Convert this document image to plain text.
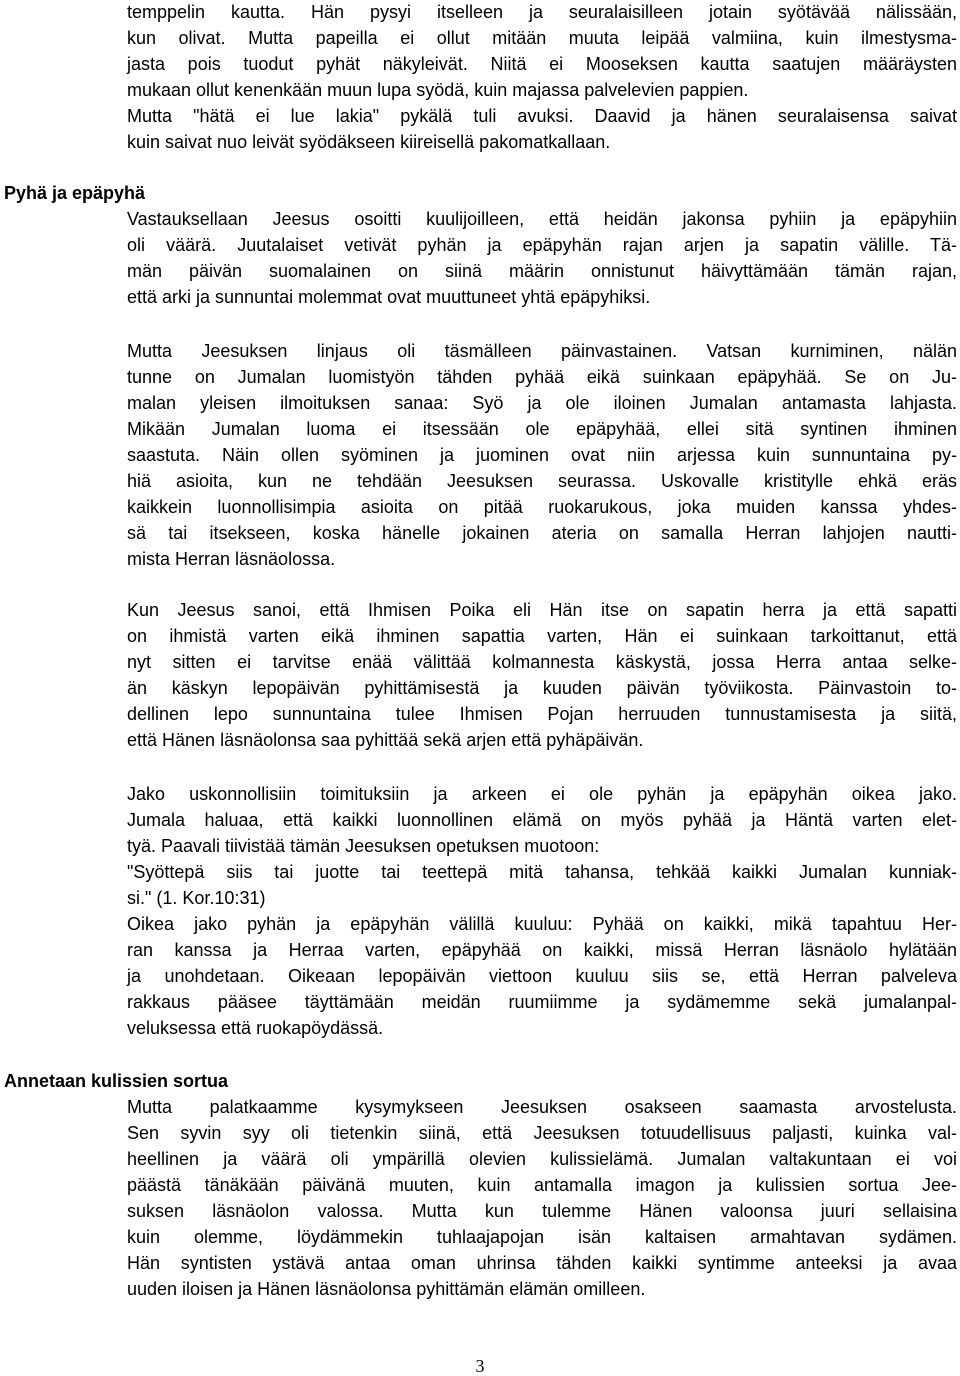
temppelin kautta. Hän pysyi itselleen ja seuralaisilleen jotain syötävää nälissään,
kun olivat. Mutta papeilla ei ollut mitään muuta leipää valmiina, kuin ilmestysma-
jasta pois tuodut pyhät näkyleivät. Niitä ei Mooseksen kautta saatujen määräysten
mukaan ollut kenenkään muun lupa syödä, kuin majassa palvelevien pappien.
Mutta "hätä ei lue lakia" pykälä tuli avuksi. Daavid ja hänen seuralaisensa saivat
kuin saivat nuo leivät syödäkseen kiireisellä pakomatkallaan.
Pyhä ja epäpyhä
Vastauksellaan Jeesus osoitti kuulijoilleen, että heidän jakonsa pyhiin ja epäpyhiin
oli väärä. Juutalaiset vetivät pyhän ja epäpyhän rajan arjen ja sapatin välille. Tä-
män päivän suomalainen on siinä määrin onnistunut häivyttämään tämän rajan,
että arki ja sunnuntai molemmat ovat muuttuneet yhtä epäpyhiksi.
Mutta Jeesuksen linjaus oli täsmälleen päinvastainen. Vatsan kurniminen, nälän
tunne on Jumalan luomistyön tähden pyhää eikä suinkaan epäpyhää. Se on Ju-
malan yleisen ilmoituksen sanaa: Syö ja ole iloinen Jumalan antamasta lahjasta.
Mikään Jumalan luoma ei itsessään ole epäpyhää, ellei sitä syntinen ihminen
saastuta. Näin ollen syöminen ja juominen ovat niin arjessa kuin sunnuntaina py-
hiä asioita, kun ne tehdään Jeesuksen seurassa. Uskovalle kristitylle ehkä eräs
kaikkein luonnollisimpia asioita on pitää ruokarukous, joka muiden kanssa yhdes-
sä tai itsekseen, koska hänelle jokainen ateria on samalla Herran lahjojen nautti-
mista Herran läsnäolossa.
Kun Jeesus sanoi, että Ihmisen Poika eli Hän itse on sapatin herra ja että sapatti
on ihmistä varten eikä ihminen sapattia varten, Hän ei suinkaan tarkoittanut, että
nyt sitten ei tarvitse enää välittää kolmannesta käskystä, jossa Herra antaa selke-
än käskyn lepopäivän pyhittämisestä ja kuuden päivän työviikosta. Päinvastoin to-
dellinen lepo sunnuntaina tulee Ihmisen Pojan herruuden tunnustamisesta ja siitä,
että Hänen läsnäolonsa saa pyhittää sekä arjen että pyhäpäivän.
Jako uskonnollisiin toimituksiin ja arkeen ei ole pyhän ja epäpyhän oikea jako.
Jumala haluaa, että kaikki luonnollinen elämä on myös pyhää ja Häntä varten elet-
tyä. Paavali tiivistää tämän Jeesuksen opetuksen muotoon:
"Syöttepä siis tai juotte tai teettepä mitä tahansa, tehkää kaikki Jumalan kunniak-
si." (1. Kor.10:31)
Oikea jako pyhän ja epäpyhän välillä kuuluu: Pyhää on kaikki, mikä tapahtuu Her-
ran kanssa ja Herraa varten, epäpyhää on kaikki, missä Herran läsnäolo hylätään
ja unohdetaan. Oikeaan lepopäivän viettoon kuuluu siis se, että Herran palveleva
rakkaus pääsee täyttämään meidän ruumiimme ja sydämemme sekä jumalanpal-
veluksessa että ruokapöydässä.
Annetaan kulissien sortua
Mutta palatkaamme kysymykseen Jeesuksen osakseen saamasta arvostelusta.
Sen syvin syy oli tietenkin siinä, että Jeesuksen totuudellisuus paljasti, kuinka val-
heellinen ja väärä oli ympärillä olevien kulissielämä. Jumalan valtakuntaan ei voi
päästä tänäkään päivänä muuten, kuin antamalla imagon ja kulissien sortua Jee-
suksen läsnäolon valossa. Mutta kun tulemme Hänen valoonsa juuri sellaisina
kuin olemme, löydämmekin tuhlaajapojan isän kaltaisen armahtavan sydämen.
Hän syntisten ystävä antaa oman uhrinsa tähden kaikki syntimme anteeksi ja avaa
uuden iloisen ja Hänen läsnäolonsa pyhittämän elämän omilleen.
3
